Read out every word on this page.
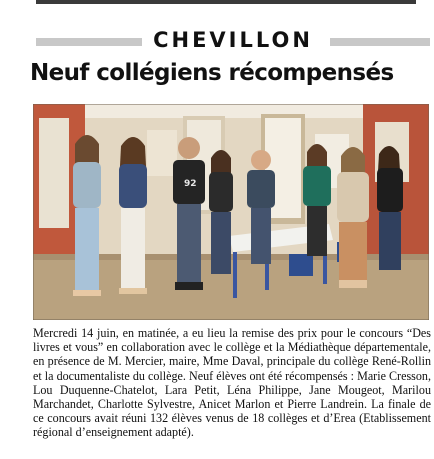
CHEVILLON
Neuf collégiens récompensés
92

Mercredi 14 juin, en matinée, a eu lieu la remise des prix pour le concours “Des livres et vous” en collaboration avec le collège et la Médiathèque départementale, en présence de M. Mercier, maire, Mme Daval, principale du collège René-Rollin et la documentaliste du collège. Neuf élèves ont été récompensés : Marie Cresson, Lou Duquenne-Chatelot, Lara Petit, Léna Philippe, Jane Mougeot, Marilou Marchandet, Charlotte Sylvestre, Anicet Marlon et Pierre Landrein. La finale de ce concours avait réuni 132 élèves venus de 18 collèges et d’Erea (Etablissement régional d’enseignement adapté).
